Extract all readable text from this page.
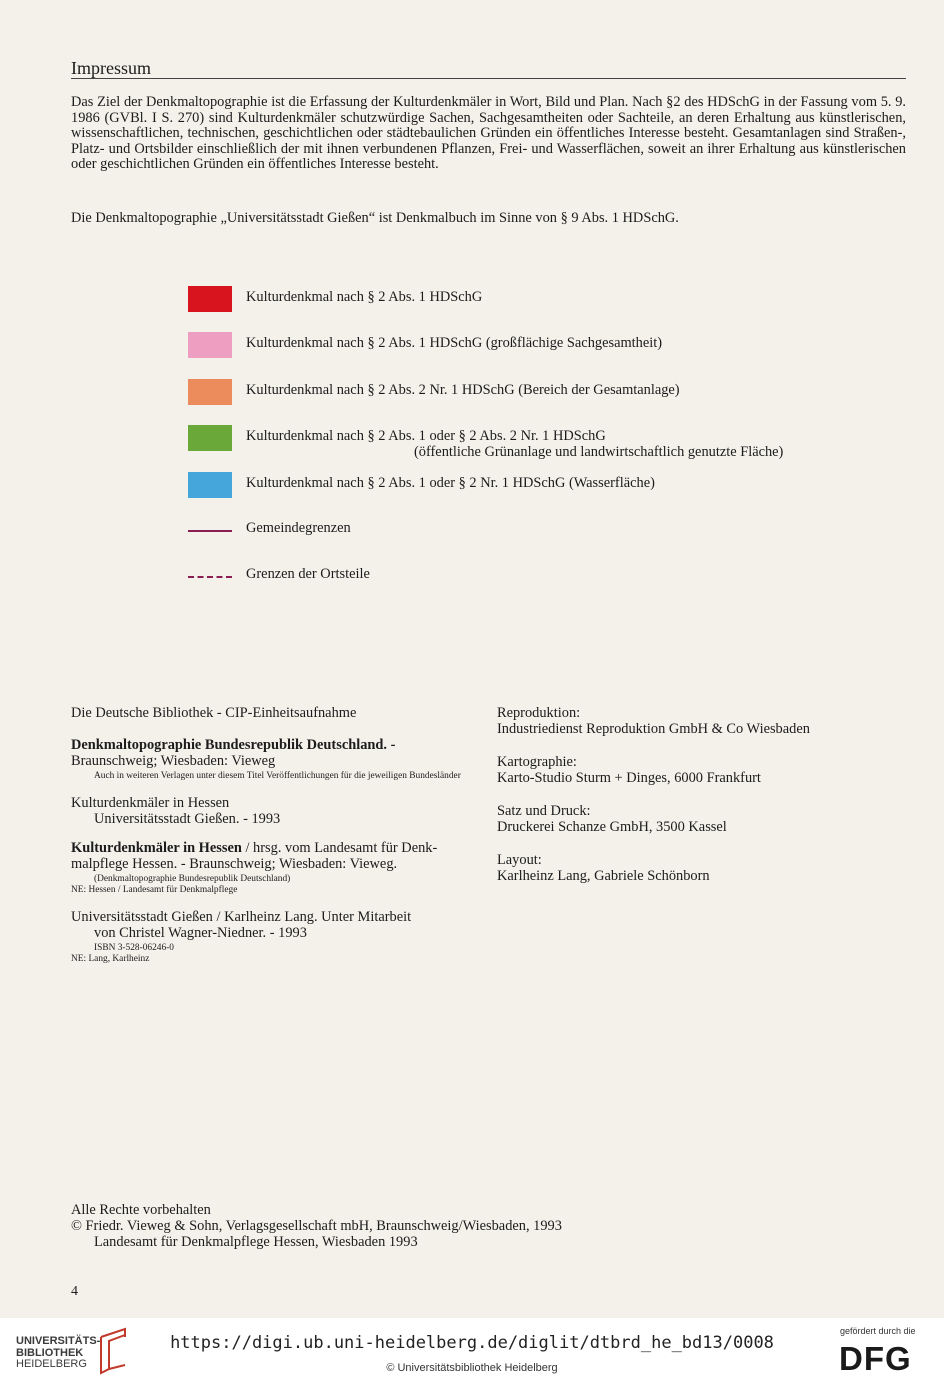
Impressum
Das Ziel der Denkmaltopographie ist die Erfassung der Kulturdenkmäler in Wort, Bild und Plan. Nach §2 des HDSchG in der Fassung vom 5. 9. 1986 (GVBl. I S. 270) sind Kulturdenkmäler schutzwürdige Sachen, Sachgesamtheiten oder Sachteile, an deren Erhaltung aus künstlerischen, wissenschaftlichen, technischen, geschichtlichen oder städtebaulichen Gründen ein öffentliches Interesse besteht. Gesamtanlagen sind Straßen-, Platz- und Ortsbilder einschließlich der mit ihnen verbundenen Pflanzen, Frei- und Wasserflächen, soweit an ihrer Erhaltung aus künstlerischen oder geschichtlichen Gründen ein öffentliches Interesse besteht.
Die Denkmaltopographie „Universitätsstadt Gießen“ ist Denkmalbuch im Sinne von § 9 Abs. 1 HDSchG.
Kulturdenkmal nach § 2 Abs. 1 HDSchG
Kulturdenkmal nach § 2 Abs. 1 HDSchG (großflächige Sachgesamtheit)
Kulturdenkmal nach § 2 Abs. 2 Nr. 1 HDSchG (Bereich der Gesamtanlage)
Kulturdenkmal nach § 2 Abs. 1 oder § 2 Abs. 2 Nr. 1 HDSchG
(öffentliche Grünanlage und landwirtschaftlich genutzte Fläche)
Kulturdenkmal nach § 2 Abs. 1 oder § 2 Nr. 1 HDSchG (Wasserfläche)
Gemeindegrenzen
Grenzen der Ortsteile
Die Deutsche Bibliothek - CIP-Einheitsaufnahme
Denkmaltopographie Bundesrepublik Deutschland. -
Braunschweig; Wiesbaden: Vieweg
Auch in weiteren Verlagen unter diesem Titel Veröffentlichungen für die jeweiligen Bundesländer
Kulturdenkmäler in Hessen
Universitätsstadt Gießen. - 1993
Kulturdenkmäler in Hessen / hrsg. vom Landesamt für Denk-
malpflege Hessen. - Braunschweig; Wiesbaden: Vieweg.
(Denkmaltopographie Bundesrepublik Deutschland)
NE: Hessen / Landesamt für Denkmalpflege
Universitätsstadt Gießen / Karlheinz Lang. Unter Mitarbeit
von Christel Wagner-Niedner. - 1993
ISBN 3-528-06246-0
NE: Lang, Karlheinz
Reproduktion:
Industriedienst Reproduktion GmbH & Co Wiesbaden
Kartographie:
Karto-Studio Sturm + Dinges, 6000 Frankfurt
Satz und Druck:
Druckerei Schanze GmbH, 3500 Kassel
Layout:
Karlheinz Lang, Gabriele Schönborn
Alle Rechte vorbehalten
© Friedr. Vieweg & Sohn, Verlagsgesellschaft mbH, Braunschweig/Wiesbaden, 1993
Landesamt für Denkmalpflege Hessen, Wiesbaden 1993
4
UNIVERSITÄTS-
BIBLIOTHEK
HEIDELBERG
https://digi.ub.uni-heidelberg.de/diglit/dtbrd_he_bd13/0008
© Universitätsbibliothek Heidelberg
gefördert durch die
DFG
